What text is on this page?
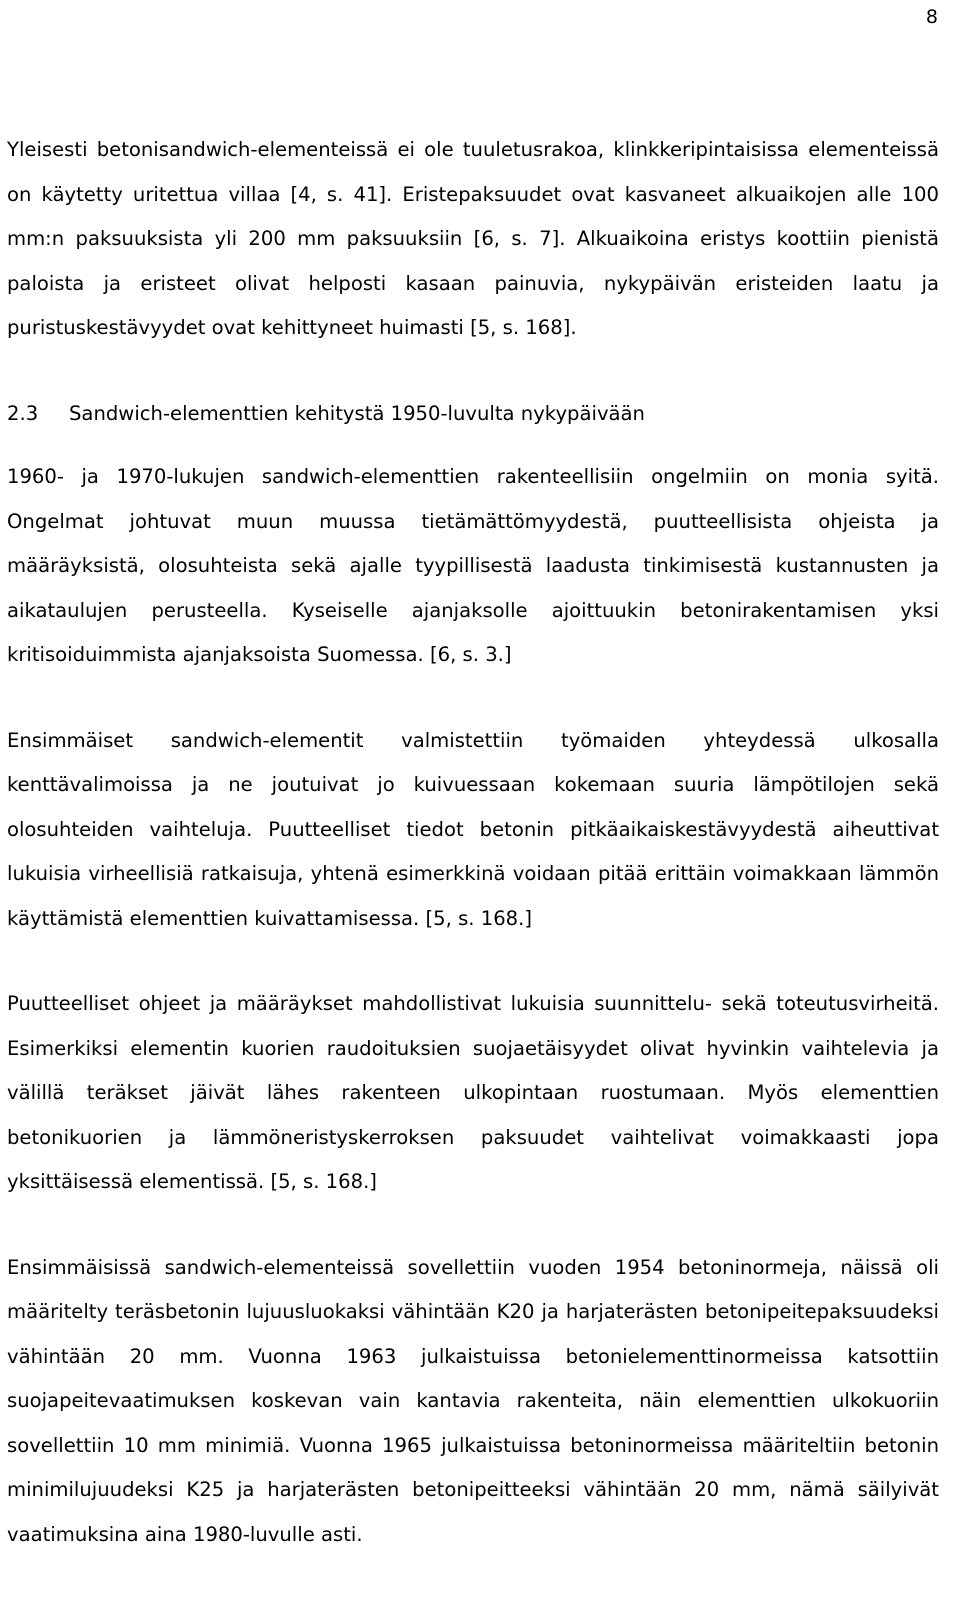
8

Yleisesti betonisandwich-elementeissä ei ole tuuletusrakoa, klinkkeripintaisissa elementeissä on käytetty uritettua villaa [4, s. 41]. Eristepaksuudet ovat kasvaneet alkuaikojen alle 100 mm:n paksuuksista yli 200 mm paksuuksiin [6, s. 7]. Alkuaikoina eristys koottiin pienistä paloista ja eristeet olivat helposti kasaan painuvia, nykypäivän eristeiden laatu ja puristuskestävyydet ovat kehittyneet huimasti [5, s. 168].

2.3 Sandwich-elementtien kehitystä 1950-luvulta nykypäivään

1960- ja 1970-lukujen sandwich-elementtien rakenteellisiin ongelmiin on monia syitä. Ongelmat johtuvat muun muussa tietämättömyydestä, puutteellisista ohjeista ja määräyksistä, olosuhteista sekä ajalle tyypillisestä laadusta tinkimisestä kustannusten ja aikataulujen perusteella. Kyseiselle ajanjaksolle ajoittuukin betonirakentamisen yksi kritisoiduimmista ajanjaksoista Suomessa. [6, s. 3.]

Ensimmäiset sandwich-elementit valmistettiin työmaiden yhteydessä ulkosalla kenttävalimoissa ja ne joutuivat jo kuivuessaan kokemaan suuria lämpötilojen sekä olosuhteiden vaihteluja. Puutteelliset tiedot betonin pitkäaikaiskestävyydestä aiheuttivat lukuisia virheellisiä ratkaisuja, yhtenä esimerkkinä voidaan pitää erittäin voimakkaan lämmön käyttämistä elementtien kuivattamisessa. [5, s. 168.]

Puutteelliset ohjeet ja määräykset mahdollistivat lukuisia suunnittelu- sekä toteutusvirheitä. Esimerkiksi elementin kuorien raudoituksien suojaetäisyydet olivat hyvinkin vaihtelevia ja välillä teräkset jäivät lähes rakenteen ulkopintaan ruostumaan. Myös elementtien betonikuorien ja lämmöneristyskerroksen paksuudet vaihtelivat voimakkaasti jopa yksittäisessä elementissä. [5, s. 168.]

Ensimmäisissä sandwich-elementeissä sovellettiin vuoden 1954 betoninormeja, näissä oli määritelty teräsbetonin lujuusluokaksi vähintään K20 ja harjaterästen betonipeitepaksuudeksi vähintään 20 mm. Vuonna 1963 julkaistuissa betonielementtinormeissa katsottiin suojapeitevaatimuksen koskevan vain kantavia rakenteita, näin elementtien ulkokuoriin sovellettiin 10 mm minimiä. Vuonna 1965 julkaistuissa betoninormeissa määriteltiin betonin minimilujuudeksi K25 ja harjaterästen betonipeitteeksi vähintään 20 mm, nämä säilyivät vaatimuksina aina 1980-luvulle asti.
